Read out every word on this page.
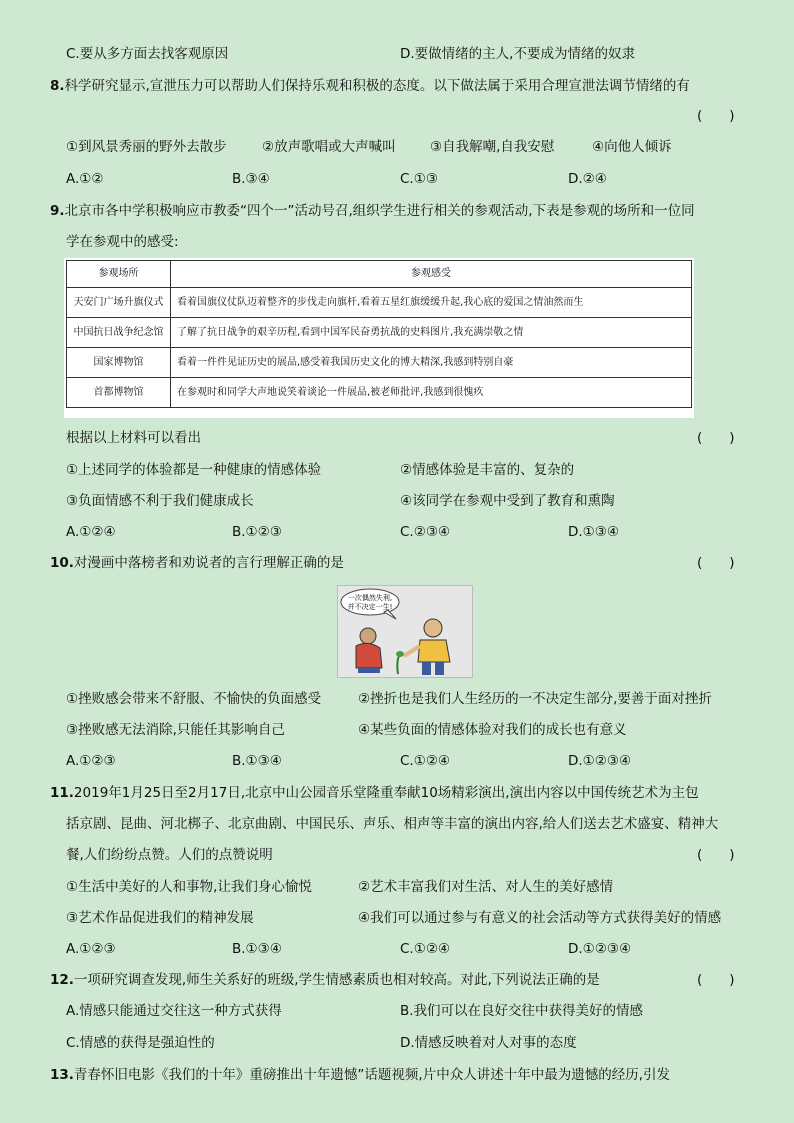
C.要从多方面去找客观原因	D.要做情绪的主人,不要成为情绪的奴隶
8.科学研究显示,宣泄压力可以帮助人们保持乐观和积极的态度。以下做法属于采用合理宣泄法调节情绪的有
(　　)
①到风景秀丽的野外去散步	②放声歌唱或大声喊叫	③自我解嘲,自我安慰	④向他人倾诉
A.①②	B.③④	C.①③	D.②④
9.北京市各中学积极响应市教委“四个一”活动号召,组织学生进行相关的参观活动,下表是参观的场所和一位同
学在参观中的感受:
参观场所	参观感受
天安门广场升旗仪式	看着国旗仪仗队迈着整齐的步伐走向旗杆,看着五星红旗缓缓升起,我心底的爱国之情油然而生
中国抗日战争纪念馆	了解了抗日战争的艰辛历程,看到中国军民奋勇抗战的史料图片,我充满崇敬之情
国家博物馆	看着一件件见证历史的展品,感受着我国历史文化的博大精深,我感到特别自豪
首都博物馆	在参观时和同学大声地说笑着谈论一件展品,被老师批评,我感到很愧疚
根据以上材料可以看出	(　　)
①上述同学的体验都是一种健康的情感体验	②情感体验是丰富的、复杂的
③负面情感不利于我们健康成长	④该同学在参观中受到了教育和熏陶
A.①②④	B.①②③	C.②③④	D.①③④
10.对漫画中落榜者和劝说者的言行理解正确的是	(　　)
一次偶然失利,
并不决定一生!
①挫败感会带来不舒服、不愉快的负面感受	②挫折也是我们人生经历的一不决定生部分,要善于面对挫折
③挫败感无法消除,只能任其影响自己	④某些负面的情感体验对我们的成长也有意义
A.①②③	B.①③④	C.①②④	D.①②③④
11.2019年1月25日至2月17日,北京中山公园音乐堂隆重奉献10场精彩演出,演出内容以中国传统艺术为主包
括京剧、昆曲、河北梆子、北京曲剧、中国民乐、声乐、相声等丰富的演出内容,给人们送去艺术盛宴、精神大
餐,人们纷纷点赞。人们的点赞说明	(　　)
①生活中美好的人和事物,让我们身心愉悦	②艺术丰富我们对生活、对人生的美好感情
③艺术作品促进我们的精神发展	④我们可以通过参与有意义的社会活动等方式获得美好的情感
A.①②③	B.①③④	C.①②④	D.①②③④
12.一项研究调查发现,师生关系好的班级,学生情感素质也相对较高。对此,下列说法正确的是	(　　)
A.情感只能通过交往这一种方式获得	B.我们可以在良好交往中获得美好的情感
C.情感的获得是强迫性的	D.情感反映着对人对事的态度
13.青春怀旧电影《我们的十年》重磅推出十年遗憾”话题视频,片中众人讲述十年中最为遗憾的经历,引发
